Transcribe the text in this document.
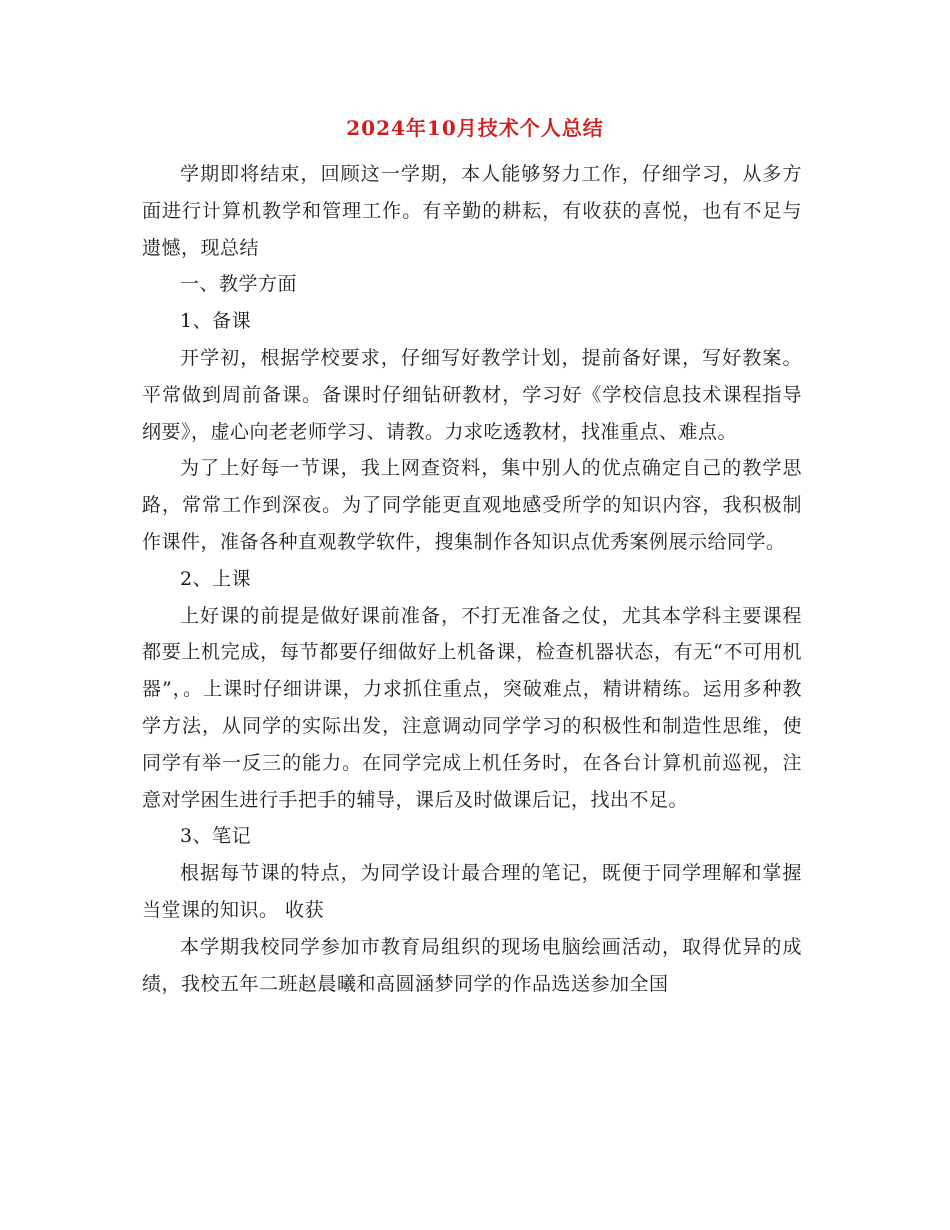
2024年10月技术个人总结

学期即将结束，回顾这一学期，本人能够努力工作，仔细学习，从多方面进行计算机教学和管理工作。有辛勤的耕耘，有收获的喜悦，也有不足与遗憾，现总结

一、教学方面

1、备课

开学初，根据学校要求，仔细写好教学计划，提前备好课，写好教案。平常做到周前备课。备课时仔细钻研教材，学习好《学校信息技术课程指导纲要》，虚心向老老师学习、请教。力求吃透教材，找准重点、难点。

为了上好每一节课，我上网查资料，集中别人的优点确定自己的教学思路，常常工作到深夜。为了同学能更直观地感受所学的知识内容，我积极制作课件，准备各种直观教学软件，搜集制作各知识点优秀案例展示给同学。

2、上课

上好课的前提是做好课前准备，不打无准备之仗，尤其本学科主要课程都要上机完成，每节都要仔细做好上机备课，检查机器状态，有无“不可用机器”，。上课时仔细讲课，力求抓住重点，突破难点，精讲精练。运用多种教学方法，从同学的实际出发，注意调动同学学习的积极性和制造性思维，使同学有举一反三的能力。在同学完成上机任务时，在各台计算机前巡视，注意对学困生进行手把手的辅导，课后及时做课后记，找出不足。

3、笔记

根据每节课的特点，为同学设计最合理的笔记，既便于同学理解和掌握当堂课的知识。 收获

本学期我校同学参加市教育局组织的现场电脑绘画活动，取得优异的成绩，我校五年二班赵晨曦和高圆涵梦同学的作品选送参加全国
